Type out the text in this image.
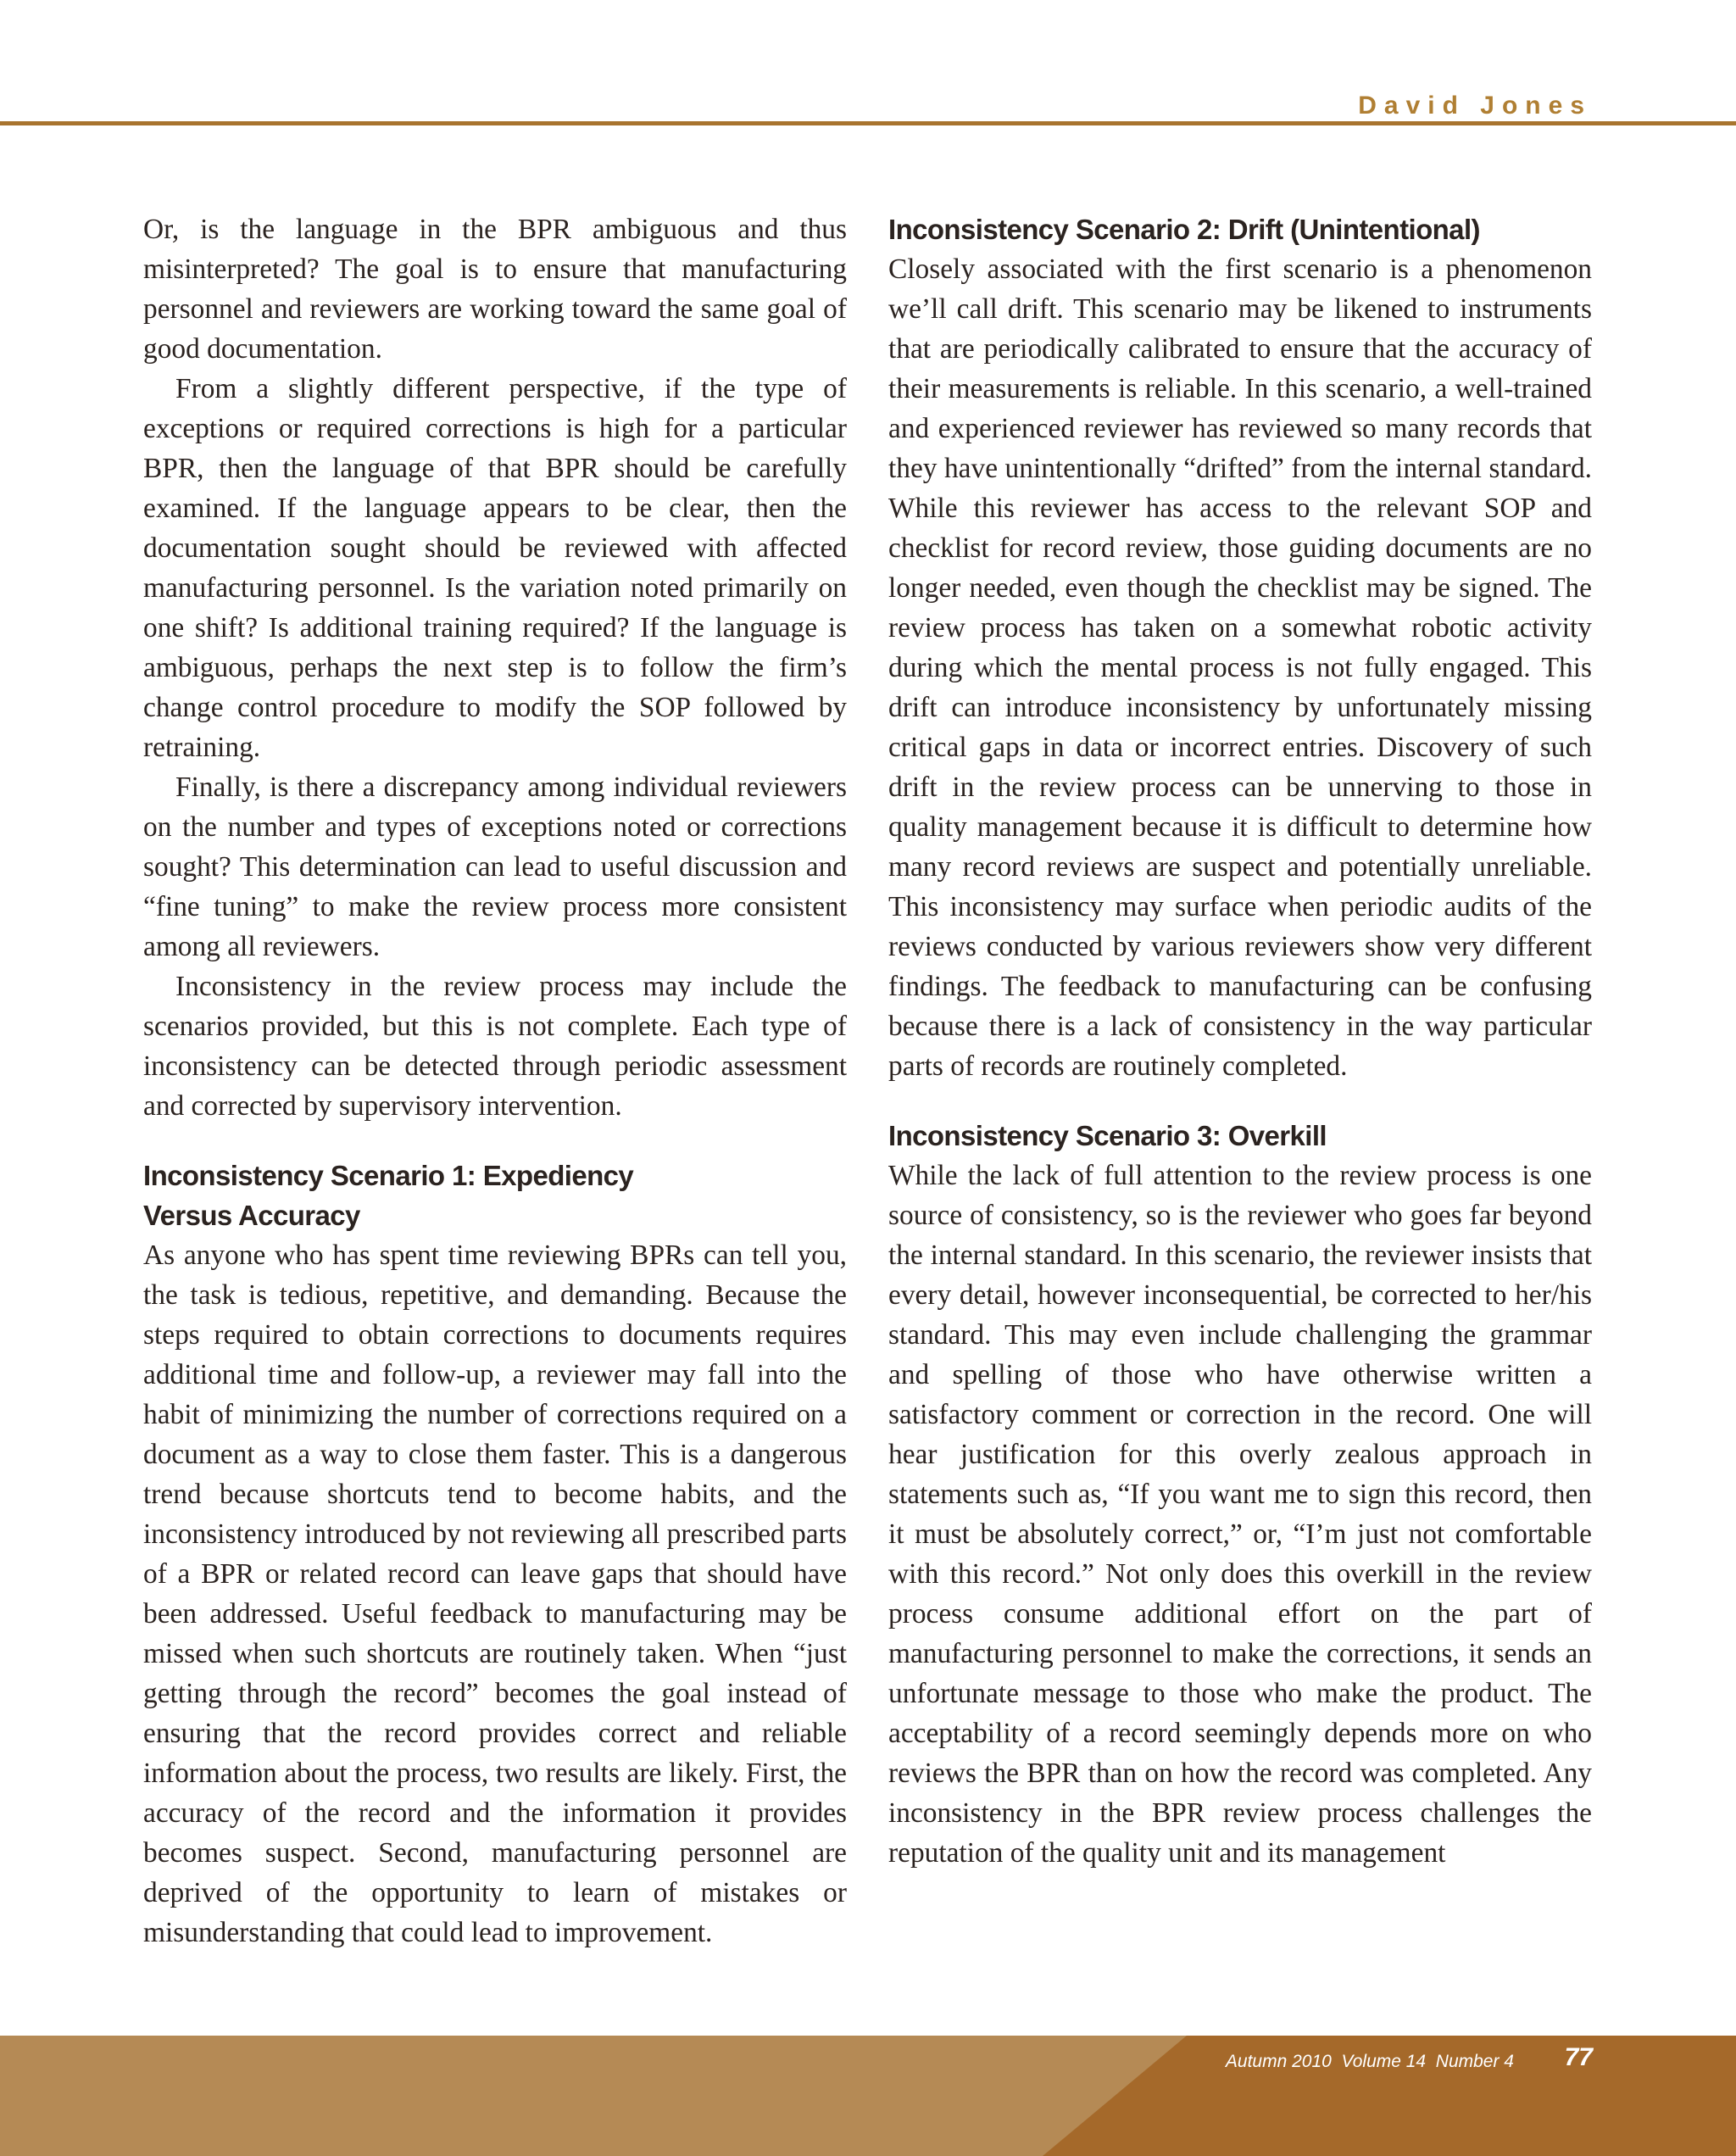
David Jones

Or, is the language in the BPR ambiguous and thus misinterpreted? The goal is to ensure that manufacturing personnel and reviewers are working toward the same goal of good documentation.

From a slightly different perspective, if the type of exceptions or required corrections is high for a particular BPR, then the language of that BPR should be carefully examined. If the language appears to be clear, then the documentation sought should be reviewed with affected manufacturing personnel. Is the variation noted primarily on one shift? Is additional training required? If the language is ambiguous, perhaps the next step is to follow the firm’s change control procedure to modify the SOP followed by retraining.

Finally, is there a discrepancy among individual reviewers on the number and types of exceptions noted or corrections sought? This determination can lead to useful discussion and “fine tuning” to make the review process more consistent among all reviewers.

Inconsistency in the review process may include the scenarios provided, but this is not complete. Each type of inconsistency can be detected through periodic assessment and corrected by supervisory intervention.

Inconsistency Scenario 1: Expediency
Versus Accuracy

As anyone who has spent time reviewing BPRs can tell you, the task is tedious, repetitive, and demanding. Because the steps required to obtain corrections to documents requires additional time and follow-up, a reviewer may fall into the habit of minimizing the number of corrections required on a document as a way to close them faster. This is a dangerous trend because shortcuts tend to become habits, and the inconsistency introduced by not reviewing all prescribed parts of a BPR or related record can leave gaps that should have been addressed. Useful feedback to manufacturing may be missed when such shortcuts are routinely taken. When “just getting through the record” becomes the goal instead of ensuring that the record provides correct and reliable information about the process, two results are likely. First, the accuracy of the record and the information it provides becomes suspect. Second, manufacturing personnel are deprived of the opportunity to learn of mistakes or misunderstanding that could lead to improvement.

Inconsistency Scenario 2: Drift (Unintentional)

Closely associated with the first scenario is a phenomenon we’ll call drift. This scenario may be likened to instruments that are periodically calibrated to ensure that the accuracy of their measurements is reliable. In this scenario, a well-trained and experienced reviewer has reviewed so many records that they have unintentionally “drifted” from the internal standard. While this reviewer has access to the relevant SOP and checklist for record review, those guiding documents are no longer needed, even though the checklist may be signed. The review process has taken on a somewhat robotic activity during which the mental process is not fully engaged. This drift can introduce inconsistency by unfortunately missing critical gaps in data or incorrect entries. Discovery of such drift in the review process can be unnerving to those in quality management because it is difficult to determine how many record reviews are suspect and potentially unreliable. This inconsistency may surface when periodic audits of the reviews conducted by various reviewers show very different findings. The feedback to manufacturing can be confusing because there is a lack of consistency in the way particular parts of records are routinely completed.

Inconsistency Scenario 3: Overkill

While the lack of full attention to the review process is one source of consistency, so is the reviewer who goes far beyond the internal standard. In this scenario, the reviewer insists that every detail, however inconsequential, be corrected to her/his standard. This may even include challenging the grammar and spelling of those who have otherwise written a satisfactory comment or correction in the record. One will hear justification for this overly zealous approach in statements such as, “If you want me to sign this record, then it must be absolutely correct,” or, “I’m just not comfortable with this record.” Not only does this overkill in the review process consume additional effort on the part of manufacturing personnel to make the corrections, it sends an unfortunate message to those who make the product. The acceptability of a record seemingly depends more on who reviews the BPR than on how the record was completed. Any inconsistency in the BPR review process challenges the reputation of the quality unit and its management

Autumn 2010  Volume 14  Number 4 77
